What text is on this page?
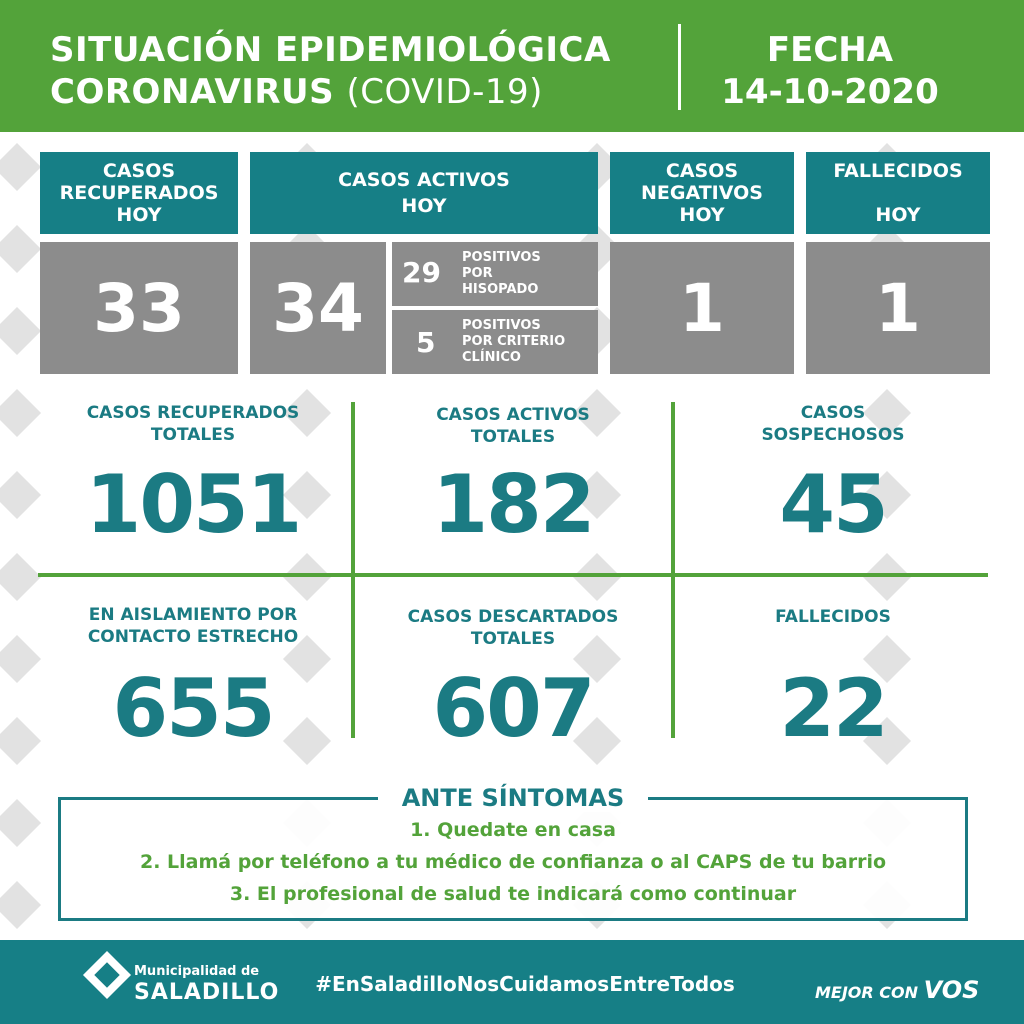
SITUACIÓN EPIDEMIOLÓGICA
CORONAVIRUS (COVID-19)
FECHA
14-10-2020
CASOS
RECUPERADOS
HOY
33
CASOS ACTIVOS
HOY
34	29 POSITIVOS
POR
HISOPADO
5
POSITIVOS
POR CRITERIO
CLÍNICO
CASOS
NEGATIVOS
HOY
1
FALLECIDOS
HOY
1
CASOS RECUPERADOS
TOTALES
1051
CASOS ACTIVOS
TOTALES
182
CASOS
SOSPECHOSOS
45
EN AISLAMIENTO POR
CONTACTO ESTRECHO
655
CASOS DESCARTADOS
TOTALES
607
FALLECIDOS
22
ANTE SÍNTOMAS
1. Quedate en casa
2. Llamá por teléfono a tu médico de confianza o al CAPS de tu barrio
3. El profesional de salud te indicará como continuar
Municipalidad de
SALADILLO	#EnSaladilloNosCuidamosEntreTodos	MEJOR CON VOS
